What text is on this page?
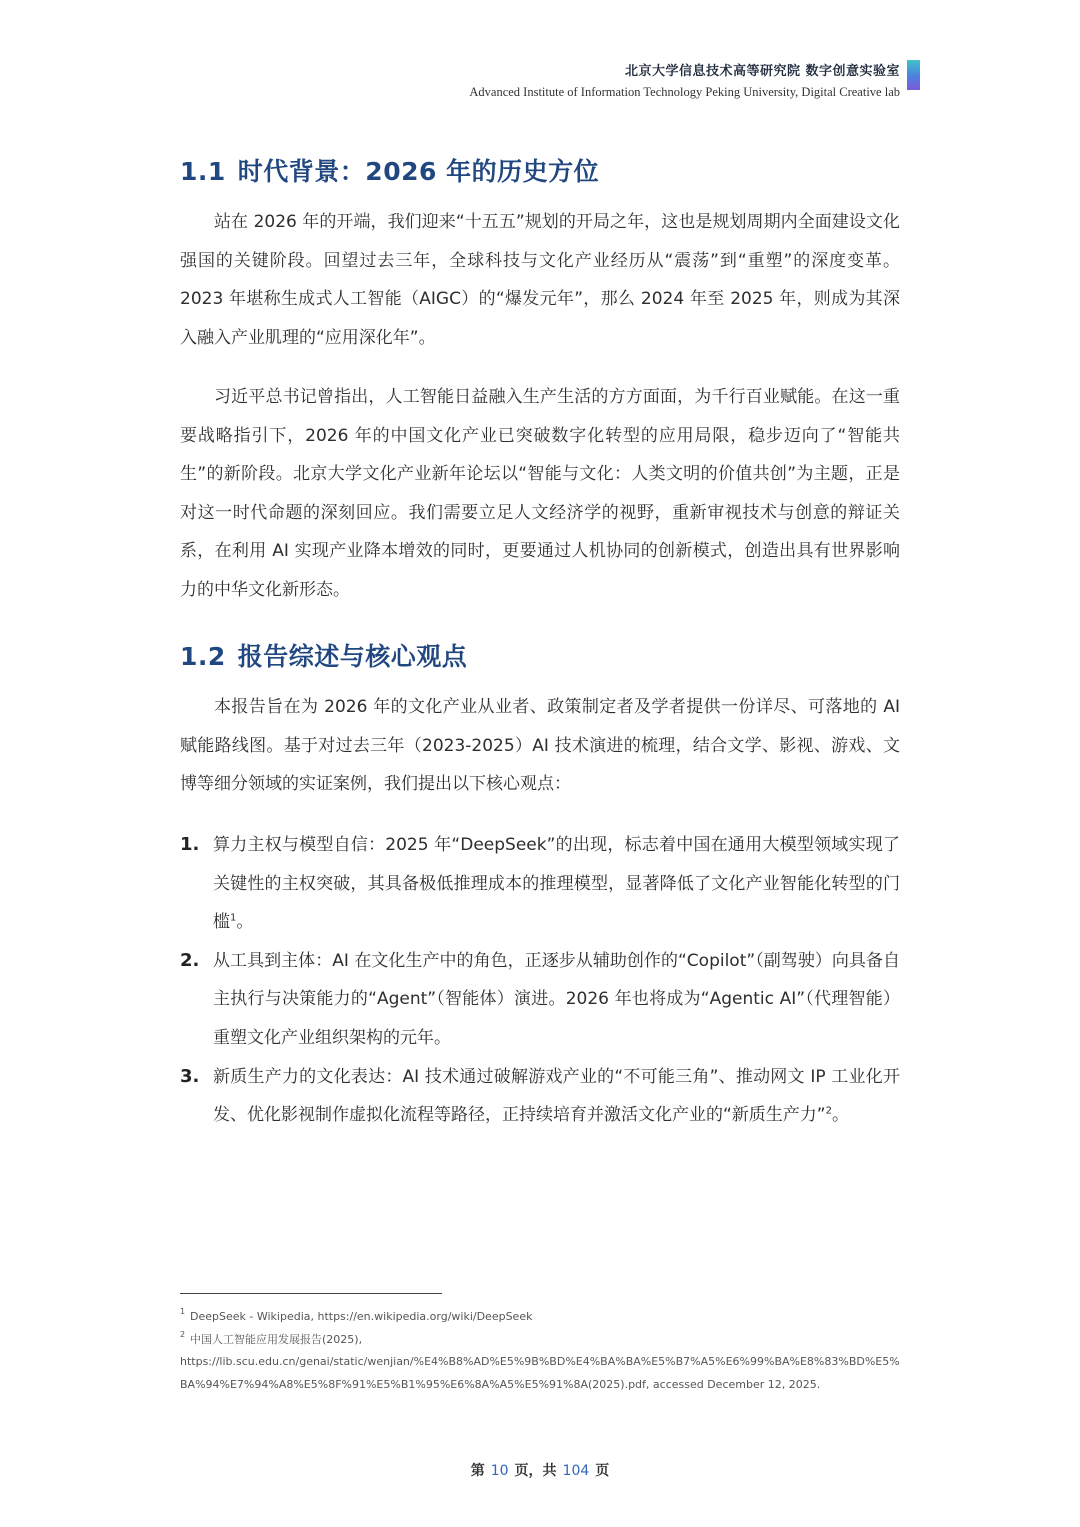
北京大学信息技术高等研究院 数字创意实验室
Advanced Institute of Information Technology Peking University, Digital Creative lab
1.1 时代背景：2026 年的历史方位

站在 2026 年的开端，我们迎来“十五五”规划的开局之年，这也是规划周期内全面建设文化强国的关键阶段。回望过去三年，全球科技与文化产业经历从“震荡”到“重塑”的深度变革。2023 年堪称生成式人工智能（AIGC）的“爆发元年”，那么 2024 年至 2025 年，则成为其深入融入产业肌理的“应用深化年”。

习近平总书记曾指出，人工智能日益融入生产生活的方方面面，为千行百业赋能。在这一重要战略指引下，2026 年的中国文化产业已突破数字化转型的应用局限，稳步迈向了“智能共生”的新阶段。北京大学文化产业新年论坛以“智能与文化：人类文明的价值共创”为主题，正是对这一时代命题的深刻回应。我们需要立足人文经济学的视野，重新审视技术与创意的辩证关系，在利用 AI 实现产业降本增效的同时，更要通过人机协同的创新模式，创造出具有世界影响力的中华文化新形态。

1.2 报告综述与核心观点

本报告旨在为 2026 年的文化产业从业者、政策制定者及学者提供一份详尽、可落地的 AI 赋能路线图。基于对过去三年（2023-2025）AI 技术演进的梳理，结合文学、影视、游戏、文博等细分领域的实证案例，我们提出以下核心观点：

1. 算力主权与模型自信：2025 年“DeepSeek”的出现，标志着中国在通用大模型领域实现了关键性的主权突破，其具备极低推理成本的推理模型，显著降低了文化产业智能化转型的门槛$^1$。
2. 从工具到主体：AI 在文化生产中的角色，正逐步从辅助创作的“Copilot”（副驾驶）向具备自主执行与决策能力的“Agent”（智能体）演进。2026 年也将成为“Agentic AI”（代理智能）重塑文化产业组织架构的元年。
3. 新质生产力的文化表达：AI 技术通过破解游戏产业的“不可能三角”、推动网文 IP 工业化开发、优化影视制作虚拟化流程等路径，正持续培育并激活文化产业的“新质生产力”$^2$。
1 DeepSeek - Wikipedia, https://en.wikipedia.org/wiki/DeepSeek
2 中国人工智能应用发展报告(2025),
https://lib.scu.edu.cn/genai/static/wenjian/%E4%B8%AD%E5%9B%BD%E4%BA%BA%E5%B7%A5%E6%99%BA%E8%83%BD%E5%BA%94%E7%94%A8%E5%8F%91%E5%B1%95%E6%8A%A5%E5%91%8A(2025).pdf, accessed December 12, 2025.
第 10 页，共 104 页
